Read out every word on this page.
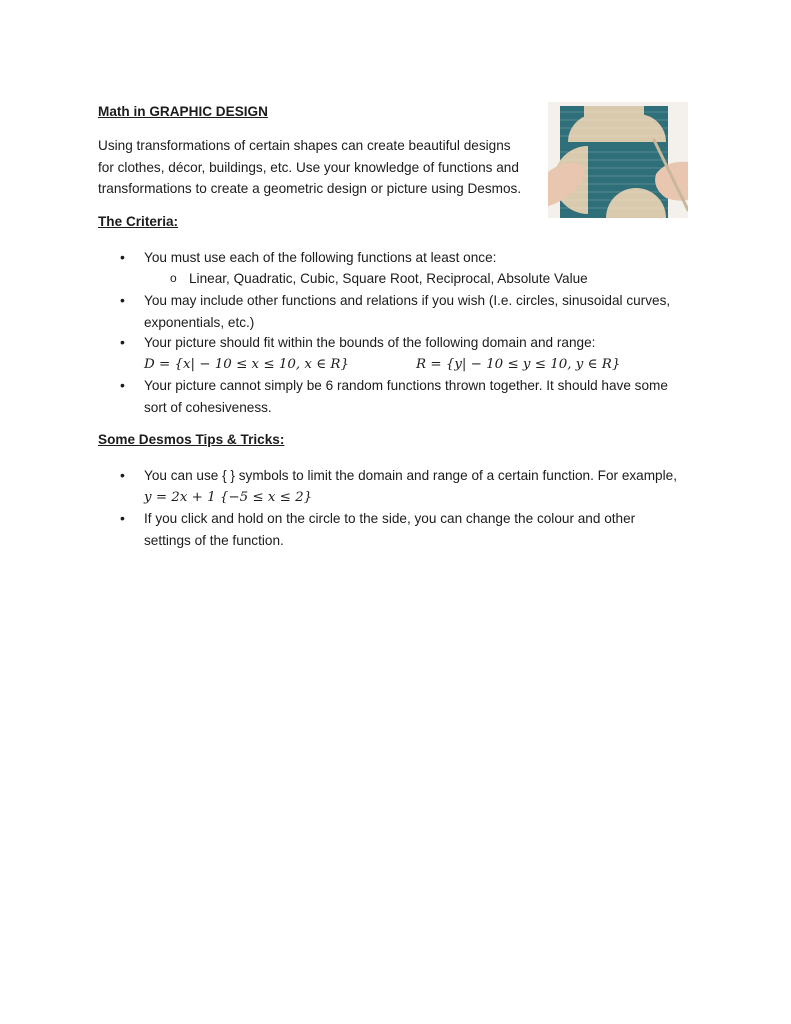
Math in GRAPHIC DESIGN
Using transformations of certain shapes can create beautiful designs
for clothes, décor, buildings, etc. Use your knowledge of functions and
transformations to create a geometric design or picture using Desmos.
The Criteria:
• You must use each of the following functions at least once:
o Linear, Quadratic, Cubic, Square Root, Reciprocal, Absolute Value
• You may include other functions and relations if you wish (I.e. circles, sinusoidal curves,
exponentials, etc.)
• Your picture should fit within the bounds of the following domain and range:
D = {x| − 10 ≤ x ≤ 10, x ∈ R}	R = {y| − 10 ≤ y ≤ 10, y ∈ R}
• Your picture cannot simply be 6 random functions thrown together. It should have some
sort of cohesiveness.
Some Desmos Tips & Tricks:
• You can use { } symbols to limit the domain and range of a certain function. For example,
y = 2x + 1 {−5 ≤ x ≤ 2}
• If you click and hold on the circle to the side, you can change the colour and other
settings of the function.
